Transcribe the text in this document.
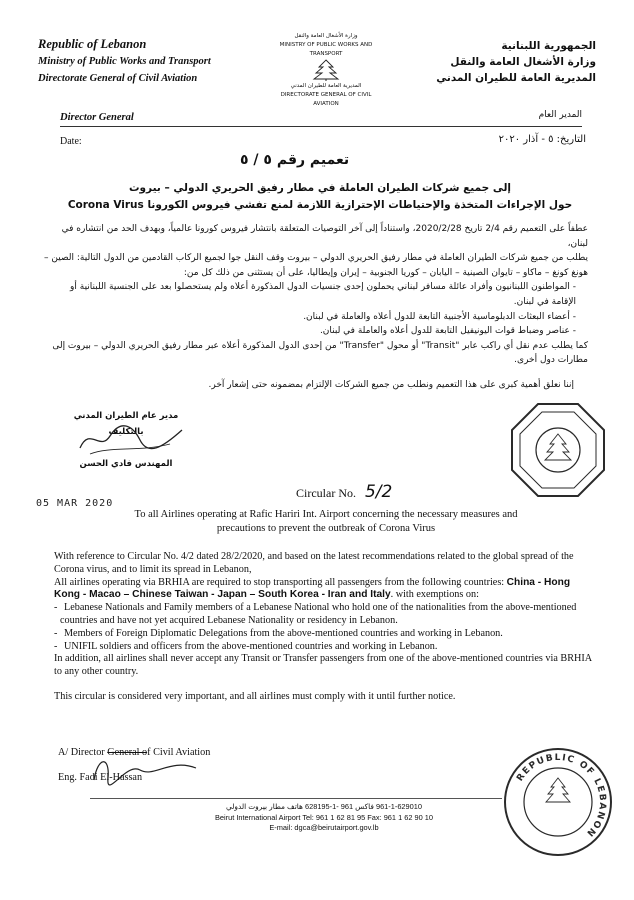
Republic of Lebanon
Ministry of Public Works and Transport
Directorate General of Civil Aviation
وزارة الأشغال العامة والنقل
MINISTRY OF PUBLIC WORKS AND TRANSPORT
المديرية العامة للطيران المدني
DIRECTORATE GENERAL OF CIVIL AVIATION
الجمهورية اللبنانية
وزارة الأشغال العامة والنقل
المديرية العامة للطيران المدني
Director General	المدير العام
Date:	التاريخ: ٥ - آذار ٢٠٢٠
تعميم رقم ٥ / ٥
إلى جميع شركات الطيران العاملة في مطار رفيق الحريري الدولي – بيروت
حول الإجراءات المتخذة والإحتياطات الإحترازية اللازمة لمنع تفشي فيروس الكورونا Corona Virus

عطفاً على التعميم رقم 2/4 تاريخ 2020/2/28، واستناداً إلى آخر التوصيات المتعلقة بانتشار فيروس كورونا عالمياً، وبهدف الحد من انتشاره في لبنان،

يطلب من جميع شركات الطيران العاملة في مطار رفيق الحريري الدولي – بيروت وقف النقل جوا لجميع الركاب القادمين من الدول التالية: الصين – هونغ كونغ – ماكاو – تايوان الصينية – اليابان – كوريا الجنوبية – إيران وإيطاليا، على أن يستثنى من ذلك كل من:

- المواطنون اللبنانيون وأفراد عائلة مسافر لبناني يحملون إحدى جنسيات الدول المذكورة أعلاه ولم يستحصلوا بعد على الجنسية اللبنانية أو الإقامة في لبنان.
- أعضاء البعثات الدبلوماسية الأجنبية التابعة للدول أعلاه والعاملة في لبنان.
- عناصر وضباط قوات اليونيفيل التابعة للدول أعلاه والعاملة في لبنان.

كما يطلب عدم نقل أي راكب عابر "Transit" أو محول "Transfer" من إحدى الدول المذكورة أعلاه عبر مطار رفيق الحريري الدولي – بيروت إلى مطارات دول أخرى.

إننا نعلق أهمية كبرى على هذا التعميم ونطلب من جميع الشركات الإلتزام بمضمونه حتى إشعار آخر.

مدير عام الطيران المدني بالتكليف
المهندس فادي الحسن
Circular No. 5/2
05 MAR 2020
To all Airlines operating at Rafic Hariri Int. Airport concerning the necessary measures and precautions to prevent the outbreak of Corona Virus

With reference to Circular No. 4/2 dated 28/2/2020, and based on the latest recommendations related to the global spread of the Corona virus, and to limit its spread in Lebanon,

All airlines operating via BRHIA are required to stop transporting all passengers from the following countries: China - Hong Kong - Macao – Chinese Taiwan - Japan – South Korea - Iran and Italy. with exemptions on:

- Lebanese Nationals and Family members of a Lebanese National who hold one of the nationalities from the above-mentioned countries and have not yet acquired Lebanese Nationality or residency in Lebanon.

- Members of Foreign Diplomatic Delegations from the above-mentioned countries and working in Lebanon.

- UNIFIL soldiers and officers from the above-mentioned countries and working in Lebanon.

In addition, all airlines shall never accept any Transit or Transfer passengers from one of the above-mentioned countries via BRHIA to any other country.

This circular is considered very important, and all airlines must comply with it until further notice.

A/ Director General of Civil Aviation
Eng. Fadi El-Hassan	REPUBLIC OF LEBANON
961-1-629010 فاكس 961 -1-628195 هاتف مطار بيروت الدولي
Beirut International Airport Tel: 961 1 62 81 95 Fax: 961 1 62 90 10
E-mail: dgca@beirutairport.gov.lb
